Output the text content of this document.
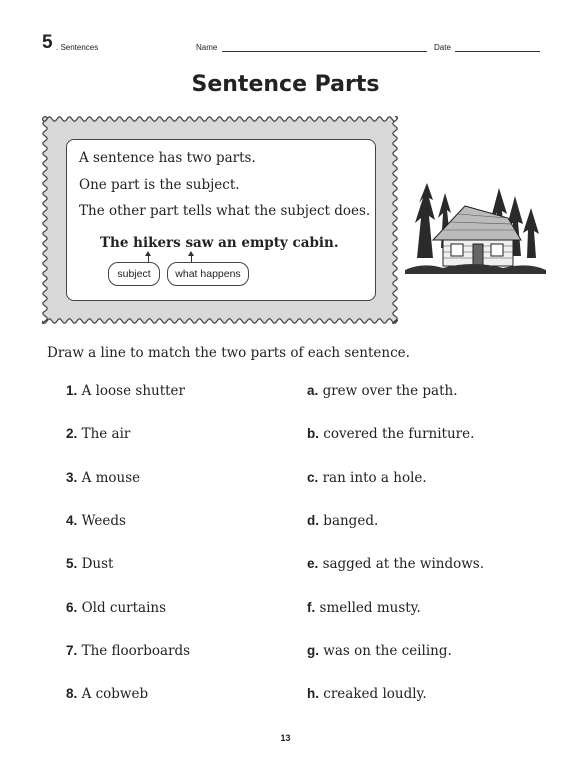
5 . Sentences	Name	Date
Sentence Parts
A sentence has two parts.
One part is the subject.
The other part tells what the subject does.
The hikers saw an empty cabin.
subject	what happens
Draw a line to match the two parts of each sentence.
1. A loose shutter
2. The air
3. A mouse
4. Weeds
5. Dust
6. Old curtains
7. The floorboards
8. A cobweb
a. grew over the path.
b. covered the furniture.
c. ran into a hole.
d. banged.
e. sagged at the windows.
f. smelled musty.
g. was on the ceiling.
h. creaked loudly.
13
